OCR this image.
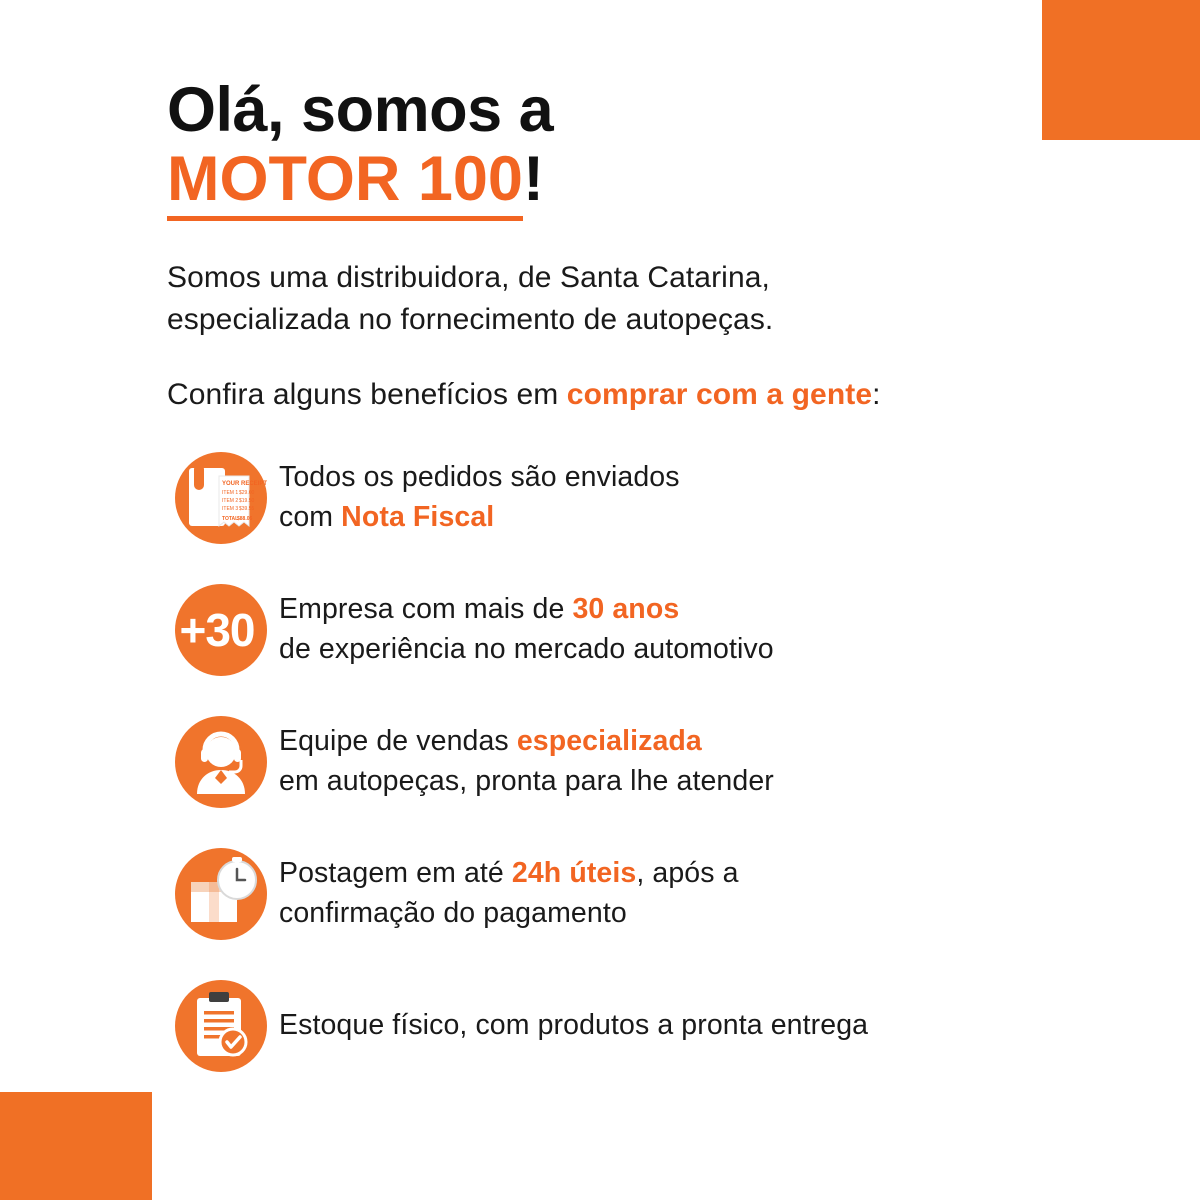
Olá, somos a
MOTOR 100!
Somos uma distribuidora, de Santa Catarina,
especializada no fornecimento de autopeças.
Confira alguns benefícios em comprar com a gente:
YOUR RECEIPT
ITEM 1 $29.00
ITEM 2 $19.50
ITEM 3 $39.55
TOTAL
$88.05
Todos os pedidos são enviados
com Nota Fiscal
+30 Empresa com mais de 30 anos
de experiência no mercado automotivo
Equipe de vendas especializada
em autopeças, pronta para lhe atender
Postagem em até 24h úteis, após a
confirmação do pagamento
Estoque físico, com produtos a pronta entrega
